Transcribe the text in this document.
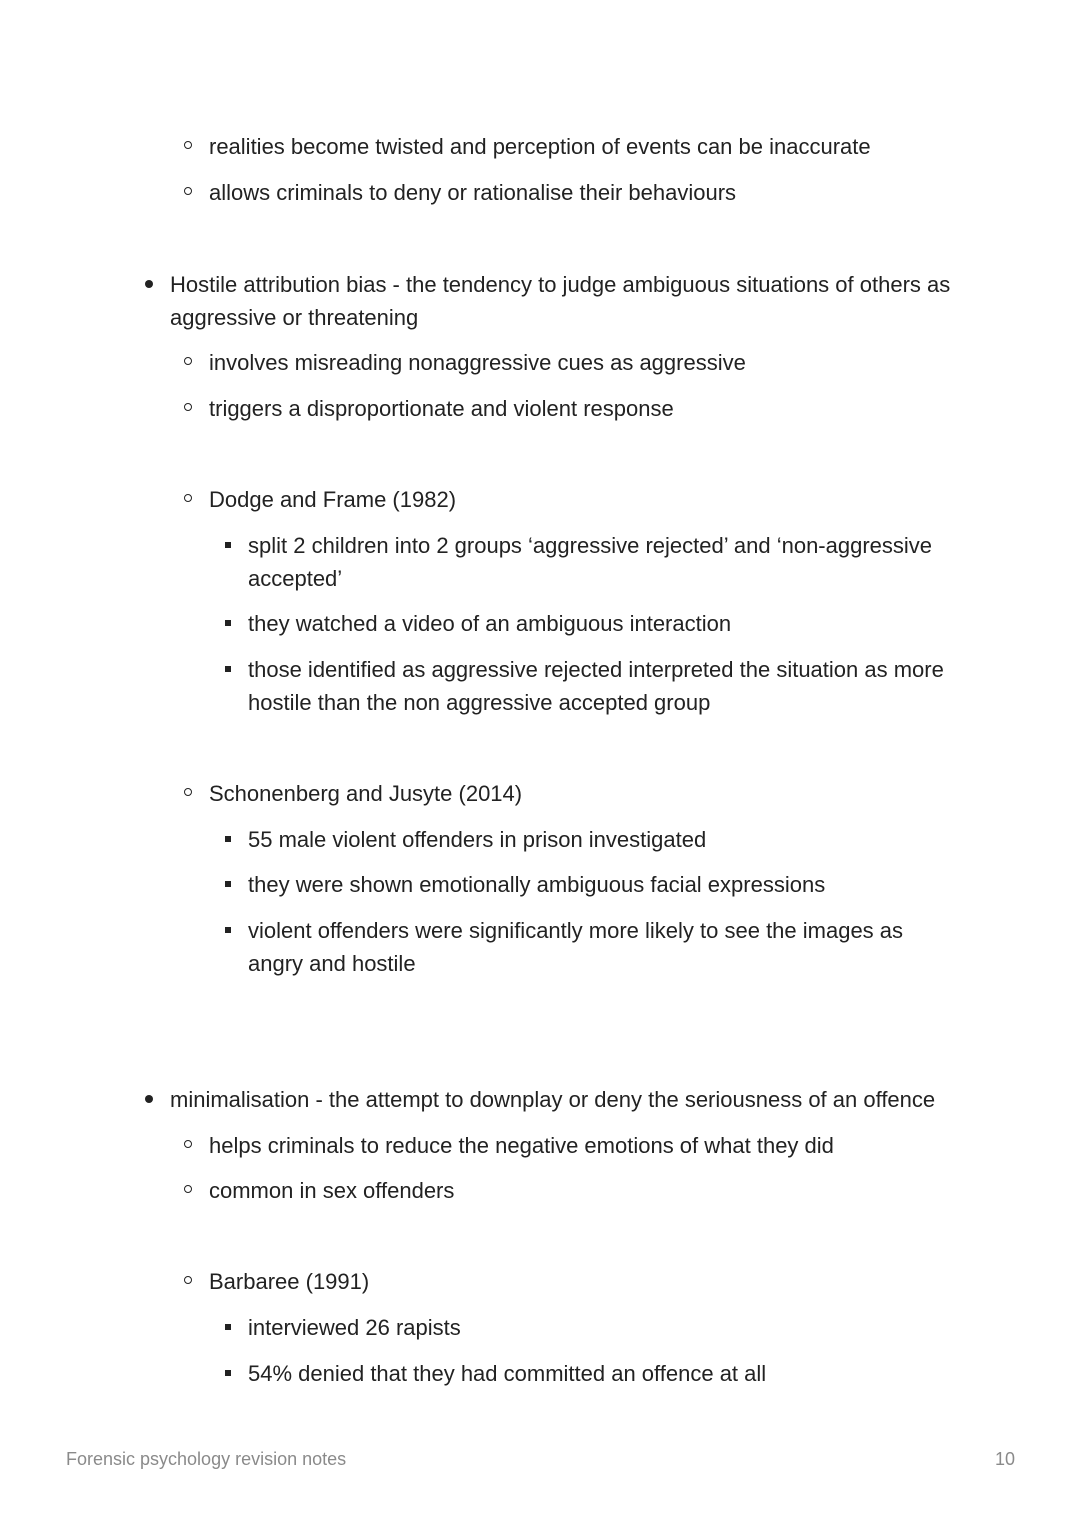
realities become twisted and perception of events can be inaccurate
allows criminals to deny or rationalise their behaviours
Hostile attribution bias - the tendency to judge ambiguous situations of others as aggressive or threatening
involves misreading nonaggressive cues as aggressive
triggers a disproportionate and violent response
Dodge and Frame (1982)
split 2 children into 2 groups ‘aggressive rejected’ and ‘non-aggressive accepted’
they watched a video of an ambiguous interaction
those identified as aggressive rejected interpreted the situation as more hostile than the non aggressive accepted group
Schonenberg and Jusyte (2014)
55 male violent offenders in prison investigated
they were shown emotionally ambiguous facial expressions
violent offenders were significantly more likely to see the images as angry and hostile
minimalisation - the attempt to downplay or deny the seriousness of an offence
helps criminals to reduce the negative emotions of what they did
common in sex offenders
Barbaree (1991)
interviewed 26 rapists
54% denied that they had committed an offence at all
Forensic psychology revision notes	10
